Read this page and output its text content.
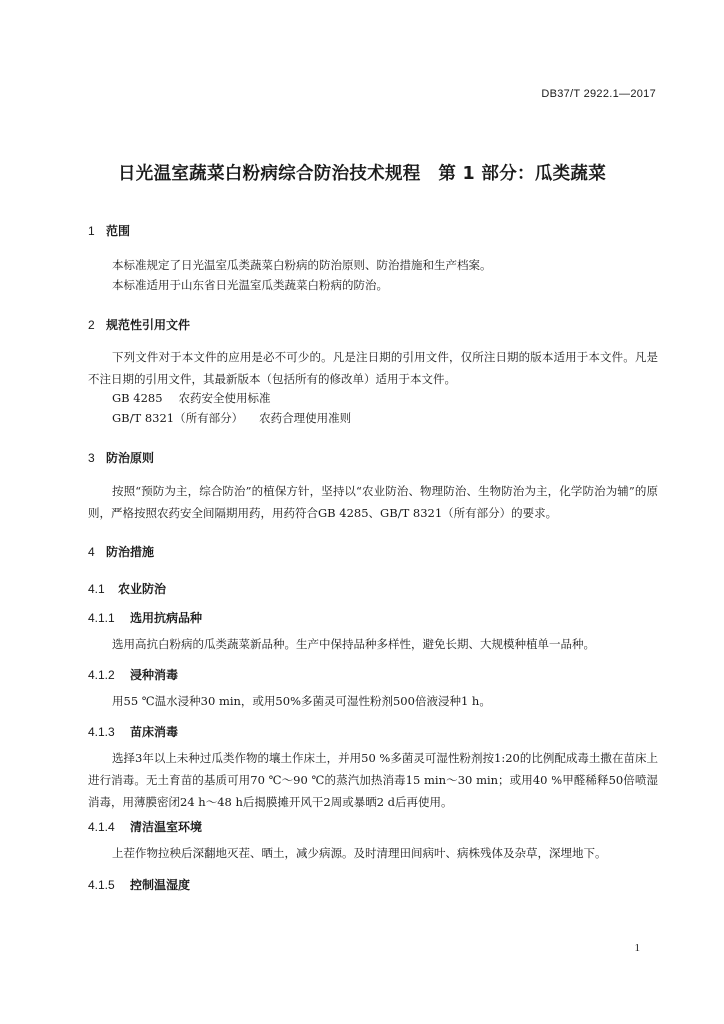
DB37/T 2922.1—2017
日光温室蔬菜白粉病综合防治技术规程　第 1 部分：瓜类蔬菜
1 范围
本标准规定了日光温室瓜类蔬菜白粉病的防治原则、防治措施和生产档案。
本标准适用于山东省日光温室瓜类蔬菜白粉病的防治。
2 规范性引用文件
下列文件对于本文件的应用是必不可少的。凡是注日期的引用文件，仅所注日期的版本适用于本文件。凡是不注日期的引用文件，其最新版本（包括所有的修改单）适用于本文件。
GB 4285 农药安全使用标准
GB/T 8321（所有部分） 农药合理使用准则
3 防治原则
按照“预防为主，综合防治”的植保方针，坚持以“农业防治、物理防治、生物防治为主，化学防治为辅”的原则，严格按照农药安全间隔期用药，用药符合GB 4285、GB/T 8321（所有部分）的要求。
4 防治措施
4.1 农业防治
4.1.1 选用抗病品种
选用高抗白粉病的瓜类蔬菜新品种。生产中保持品种多样性，避免长期、大规模种植单一品种。
4.1.2 浸种消毒
用55 ℃温水浸种30 min，或用50%多菌灵可湿性粉剂500倍液浸种1 h。
4.1.3 苗床消毒
选择3年以上未种过瓜类作物的壤土作床土，并用50 %多菌灵可湿性粉剂按1:20的比例配成毒土撒在苗床上进行消毒。无土育苗的基质可用70 ℃～90 ℃的蒸汽加热消毒15 min～30 min；或用40 %甲醛稀释50倍喷湿消毒，用薄膜密闭24 h～48 h后揭膜摊开风干2周或暴晒2 d后再使用。
4.1.4 清洁温室环境
上茬作物拉秧后深翻地灭茬、晒土，减少病源。及时清理田间病叶、病株残体及杂草，深埋地下。
4.1.5 控制温湿度
1
